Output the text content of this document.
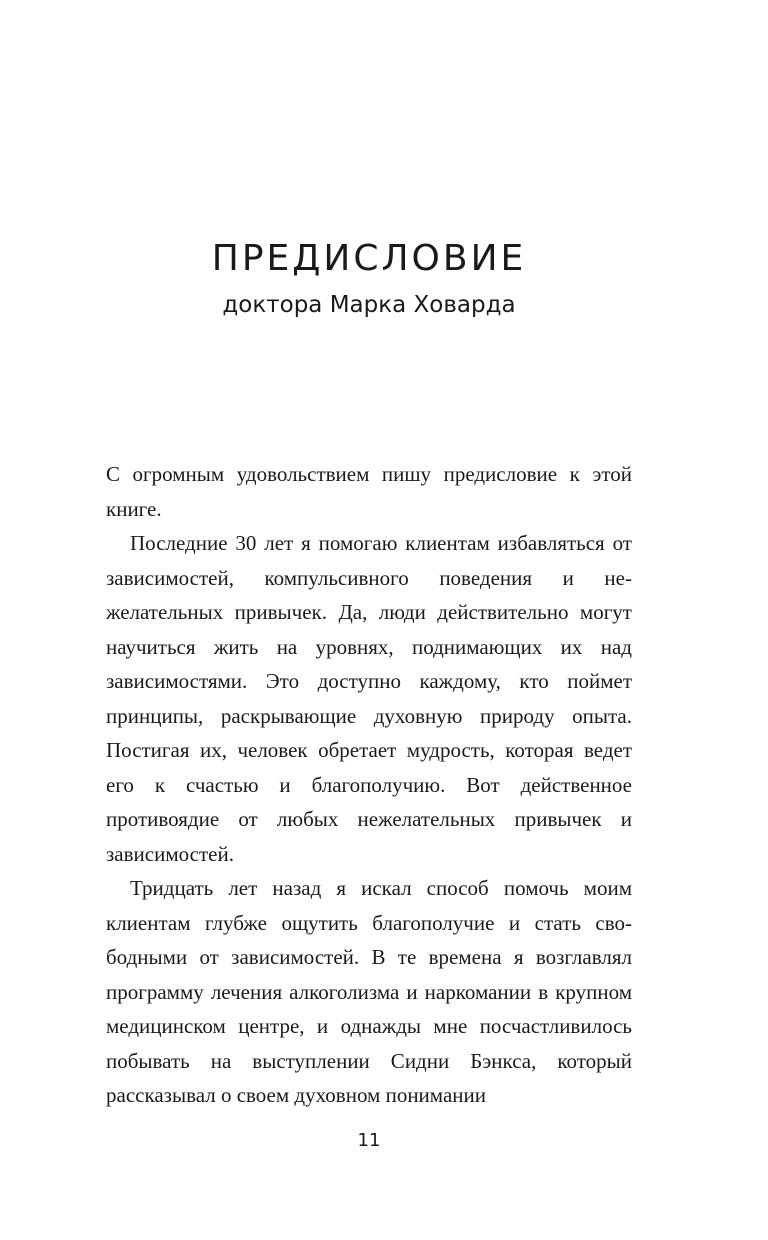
ПРЕДИСЛОВИЕ
доктора Марка Ховарда

С огромным удовольствием пишу предисловие к этой книге.

Последние 30 лет я помогаю клиентам избавляться от зависимостей, компульсивного поведения и нежелательных привычек. Да, люди действительно могут научиться жить на уровнях, поднимающих их над зависимостями. Это доступно каждому, кто поймет принципы, раскрывающие духовную природу опыта. Постигая их, человек обретает мудрость, которая ведет его к счастью и благополучию. Вот действенное противоядие от любых нежелательных привычек и зависимостей.

Тридцать лет назад я искал способ помочь моим клиентам глубже ощутить благополучие и стать свободными от зависимостей. В те времена я возглавлял программу лечения алкоголизма и наркомании в крупном медицинском центре, и однажды мне посчастливилось побывать на выступлении Сидни Бэнкса, который рассказывал о своем духовном понимании

11
